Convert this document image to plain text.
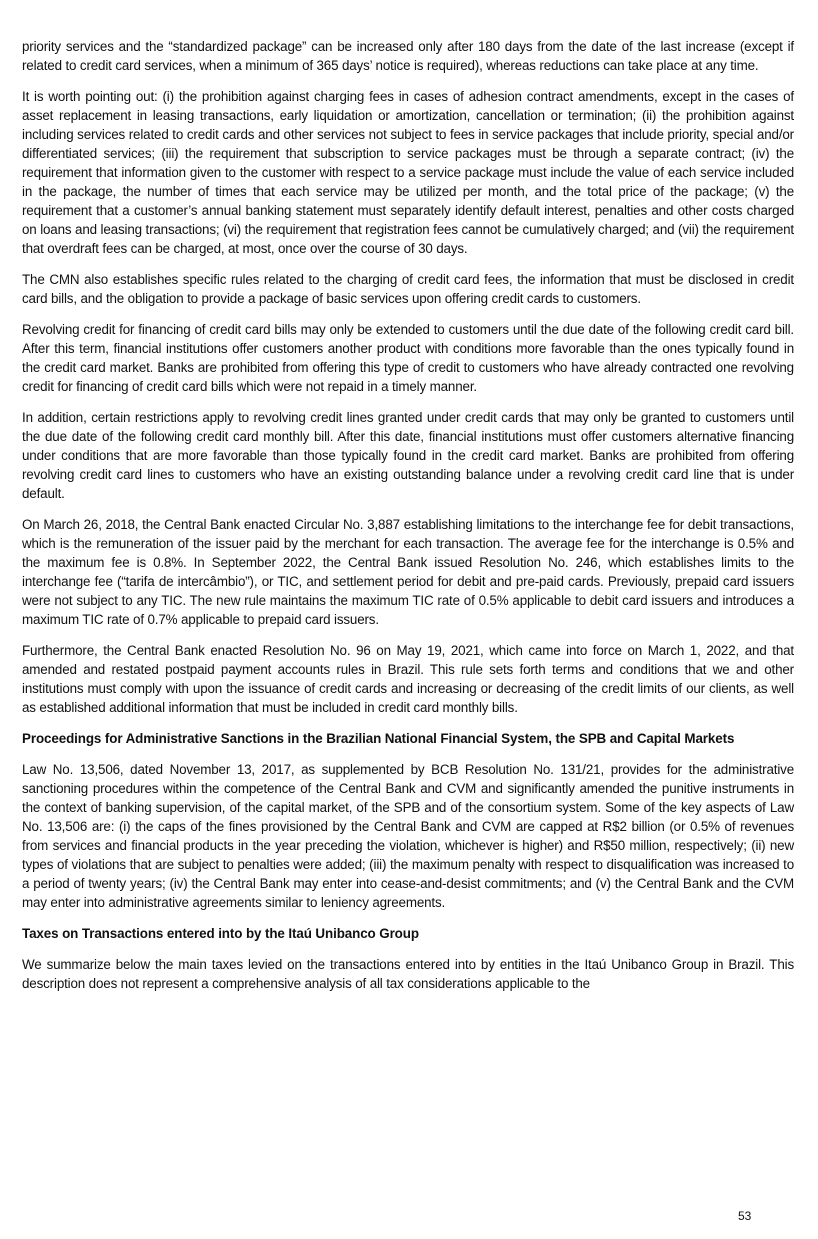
priority services and the “standardized package” can be increased only after 180 days from the date of the last increase (except if related to credit card services, when a minimum of 365 days’ notice is required), whereas reductions can take place at any time.

It is worth pointing out: (i) the prohibition against charging fees in cases of adhesion contract amendments, except in the cases of asset replacement in leasing transactions, early liquidation or amortization, cancellation or termination; (ii) the prohibition against including services related to credit cards and other services not subject to fees in service packages that include priority, special and/or differentiated services; (iii) the requirement that subscription to service packages must be through a separate contract; (iv) the requirement that information given to the customer with respect to a service package must include the value of each service included in the package, the number of times that each service may be utilized per month, and the total price of the package; (v) the requirement that a customer’s annual banking statement must separately identify default interest, penalties and other costs charged on loans and leasing transactions; (vi) the requirement that registration fees cannot be cumulatively charged; and (vii) the requirement that overdraft fees can be charged, at most, once over the course of 30 days.

The CMN also establishes specific rules related to the charging of credit card fees, the information that must be disclosed in credit card bills, and the obligation to provide a package of basic services upon offering credit cards to customers.

Revolving credit for financing of credit card bills may only be extended to customers until the due date of the following credit card bill. After this term, financial institutions offer customers another product with conditions more favorable than the ones typically found in the credit card market. Banks are prohibited from offering this type of credit to customers who have already contracted one revolving credit for financing of credit card bills which were not repaid in a timely manner.

In addition, certain restrictions apply to revolving credit lines granted under credit cards that may only be granted to customers until the due date of the following credit card monthly bill. After this date, financial institutions must offer customers alternative financing under conditions that are more favorable than those typically found in the credit card market. Banks are prohibited from offering revolving credit card lines to customers who have an existing outstanding balance under a revolving credit card line that is under default.

On March 26, 2018, the Central Bank enacted Circular No. 3,887 establishing limitations to the interchange fee for debit transactions, which is the remuneration of the issuer paid by the merchant for each transaction. The average fee for the interchange is 0.5% and the maximum fee is 0.8%. In September 2022, the Central Bank issued Resolution No. 246, which establishes limits to the interchange fee (“tarifa de intercâmbio”), or TIC, and settlement period for debit and pre-paid cards. Previously, prepaid card issuers were not subject to any TIC. The new rule maintains the maximum TIC rate of 0.5% applicable to debit card issuers and introduces a maximum TIC rate of 0.7% applicable to prepaid card issuers.

Furthermore, the Central Bank enacted Resolution No. 96 on May 19, 2021, which came into force on March 1, 2022, and that amended and restated postpaid payment accounts rules in Brazil. This rule sets forth terms and conditions that we and other institutions must comply with upon the issuance of credit cards and increasing or decreasing of the credit limits of our clients, as well as established additional information that must be included in credit card monthly bills.

Proceedings for Administrative Sanctions in the Brazilian National Financial System, the SPB and Capital Markets

Law No. 13,506, dated November 13, 2017, as supplemented by BCB Resolution No. 131/21, provides for the administrative sanctioning procedures within the competence of the Central Bank and CVM and significantly amended the punitive instruments in the context of banking supervision, of the capital market, of the SPB and of the consortium system. Some of the key aspects of Law No. 13,506 are: (i) the caps of the fines provisioned by the Central Bank and CVM are capped at R$2 billion (or 0.5% of revenues from services and financial products in the year preceding the violation, whichever is higher) and R$50 million, respectively; (ii) new types of violations that are subject to penalties were added; (iii) the maximum penalty with respect to disqualification was increased to a period of twenty years; (iv) the Central Bank may enter into cease-and-desist commitments; and (v) the Central Bank and the CVM may enter into administrative agreements similar to leniency agreements.

Taxes on Transactions entered into by the Itaú Unibanco Group

We summarize below the main taxes levied on the transactions entered into by entities in the Itaú Unibanco Group in Brazil. This description does not represent a comprehensive analysis of all tax considerations applicable to the

53
